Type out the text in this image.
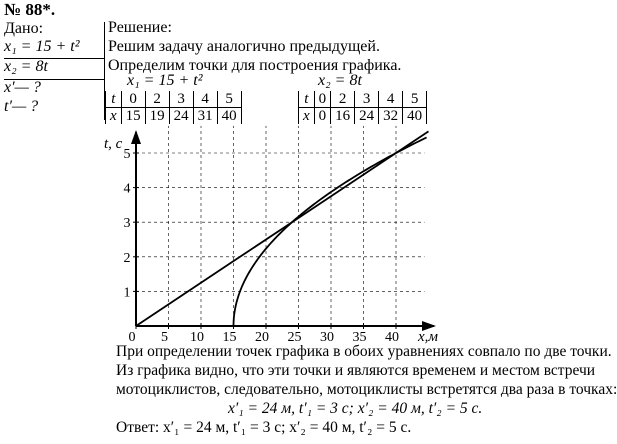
№ 88*.
Дано:
x₁ = 15 + t²
x₂ = 8t
x′— ?
t′— ?
Решение:
Решим задачу аналогично предыдущей.
Определим точки для построения графика.
x₁ = 15 + t²	x₂ = 8t
t	0	2	3	4	5
x	15	19	24	31	40
t	0	2	3	4	5
x	0	16	24	32	40
0 5 10 15 20 25 30 35 40
1
2
3
4
5
t, c
x,м
При определении точек графика в обоих уравнениях совпало по две точки.
Из графика видно, что эти точки и являются временем и местом встречи
мотоциклистов, следовательно, мотоциклисты встретятся два раза в точках:
x′₁ = 24 м, t′₁ = 3 с; x′₂ = 40 м, t′₂ = 5 с.
Ответ: x′₁ = 24 м, t′₁ = 3 с; x′₂ = 40 м, t′₂ = 5 с.
